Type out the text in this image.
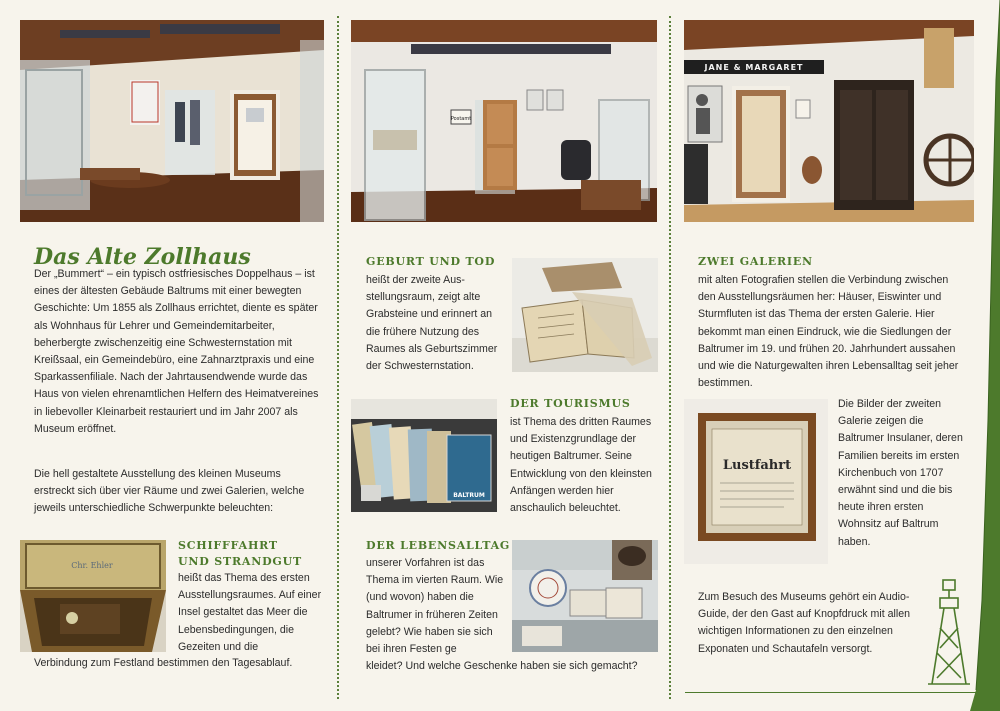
Das Alte Zollhaus
Der „Bummert“ – ein typisch ostfriesisches Doppelhaus – ist eines der ältesten Gebäude Baltrums mit einer bewegten Geschichte: Um 1855 als Zollhaus errichtet, diente es später als Wohnhaus für Lehrer und Gemeindemitarbeiter, beherbergte zwischenzeitig eine Schwesternstation mit Kreißsaal, ein Gemeindebüro, eine Zahnarztpraxis und eine Sparkassenfiliale. Nach der Jahrtausendwende wurde das Haus von vielen ehrenamtlichen Helfern des Heimatvereines in liebevoller Kleinarbeit restauriert und im Jahr 2007 als Museum eröffnet.
Die hell gestaltete Ausstellung des kleinen Museums erstreckt sich über vier Räume und zwei Galerien, welche jeweils unterschiedliche Schwerpunkte beleuchten:
Chr. Ehler
SCHIFFFAHRT
UND STRANDGUT
heißt das Thema des ersten Ausstellungsraumes. Auf einer Insel gestaltet das Meer die Lebensbedingungen, die Gezeiten und die
Verbindung zum Festland bestimmen den Tagesablauf.
Postamt
GEBURT UND TOD
heißt der zweite Ausstellungsraum, zeigt alte Grabsteine und erinnert an die frühere Nutzung des Raumes als Geburtszimmer der Schwesternstation.
BALTRUM
DER TOURISMUS
ist Thema des dritten Raumes und Existenzgrundlage der heutigen Baltrumer. Seine Entwicklung von den kleinsten Anfängen werden hier anschaulich beleuchtet.
DER LEBENSALLTAG
unserer Vorfahren ist das Thema im vierten Raum. Wie (und wovon) haben die Baltrumer in früheren Zeiten gelebt? Wie haben sie sich bei ihren Festen ge
kleidet? Und welche Geschenke haben sie sich gemacht?
JANE & MARGARET
ZWEI GALERIEN
mit alten Fotografien stellen die Verbindung zwischen den Ausstellungsräumen her: Häuser, Eiswinter und Sturmfluten ist das Thema der ersten Galerie. Hier bekommt man einen Eindruck, wie die Siedlungen der Baltrumer im 19. und frühen 20. Jahrhundert aussahen und wie die Naturgewalten ihren Lebensalltag seit jeher bestimmen.
Lustfahrt
Die Bilder der zweiten Galerie zeigen die Baltrumer Insulaner, deren Familien bereits im ersten Kirchenbuch von 1707 erwähnt sind und die bis heute ihren ersten Wohnsitz auf Baltrum haben.
Zum Besuch des Museums gehört ein Audio-Guide, der den Gast auf Knopfdruck mit allen wichtigen Informationen zu den einzelnen Exponaten und Schautafeln versorgt.
